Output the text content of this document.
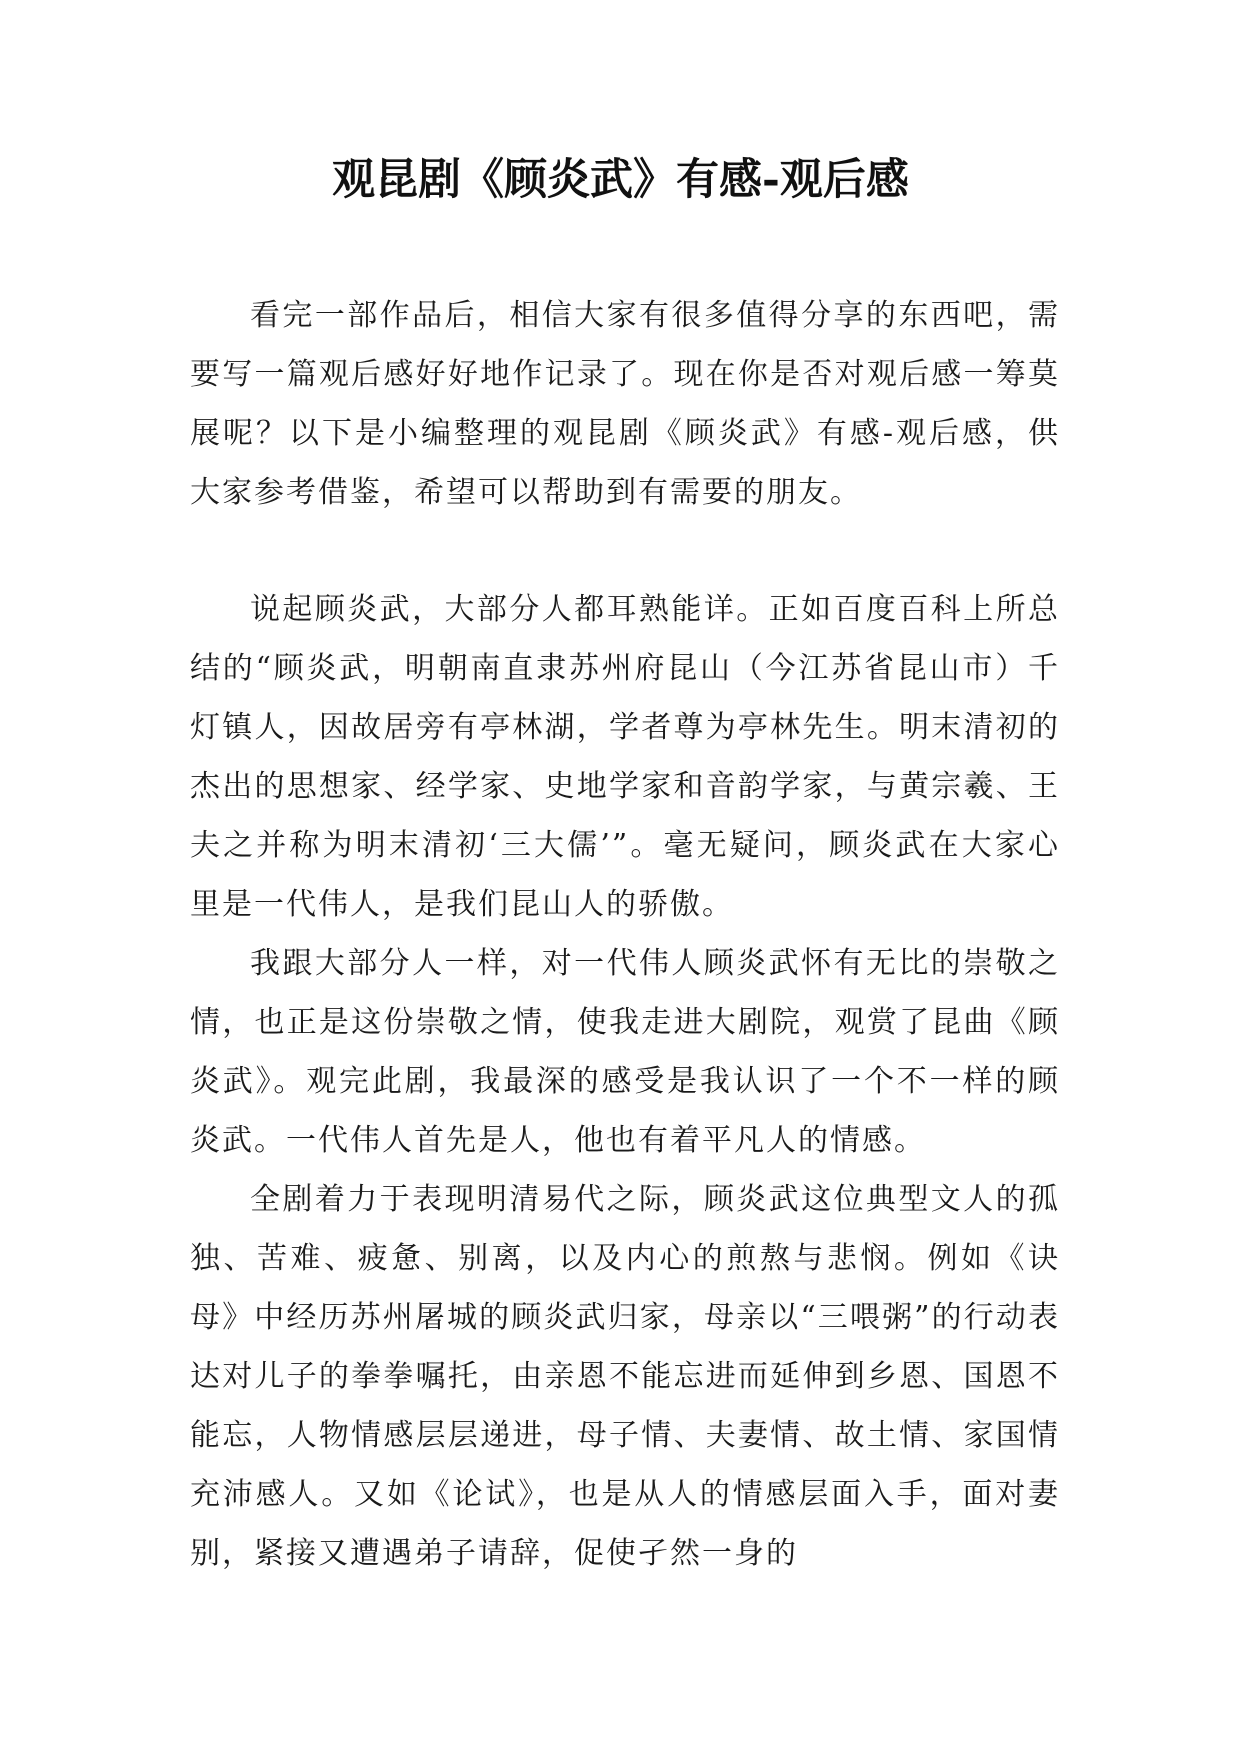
观昆剧《顾炎武》有感-观后感

看完一部作品后，相信大家有很多值得分享的东西吧，需要写一篇观后感好好地作记录了。现在你是否对观后感一筹莫展呢？以下是小编整理的观昆剧《顾炎武》有感-观后感，供大家参考借鉴，希望可以帮助到有需要的朋友。

说起顾炎武，大部分人都耳熟能详。正如百度百科上所总结的“顾炎武，明朝南直隶苏州府昆山（今江苏省昆山市）千灯镇人，因故居旁有亭林湖，学者尊为亭林先生。明末清初的杰出的思想家、经学家、史地学家和音韵学家，与黄宗羲、王夫之并称为明末清初‘三大儒’”。毫无疑问，顾炎武在大家心里是一代伟人，是我们昆山人的骄傲。

我跟大部分人一样，对一代伟人顾炎武怀有无比的崇敬之情，也正是这份崇敬之情，使我走进大剧院，观赏了昆曲《顾炎武》。观完此剧，我最深的感受是我认识了一个不一样的顾炎武。一代伟人首先是人，他也有着平凡人的情感。

全剧着力于表现明清易代之际，顾炎武这位典型文人的孤独、苦难、疲惫、别离，以及内心的煎熬与悲悯。例如《诀母》中经历苏州屠城的顾炎武归家，母亲以“三喂粥”的行动表达对儿子的拳拳嘱托，由亲恩不能忘进而延伸到乡恩、国恩不能忘，人物情感层层递进，母子情、夫妻情、故土情、家国情充沛感人。又如《论试》，也是从人的情感层面入手，面对妻别，紧接又遭遇弟子请辞，促使孑然一身的
